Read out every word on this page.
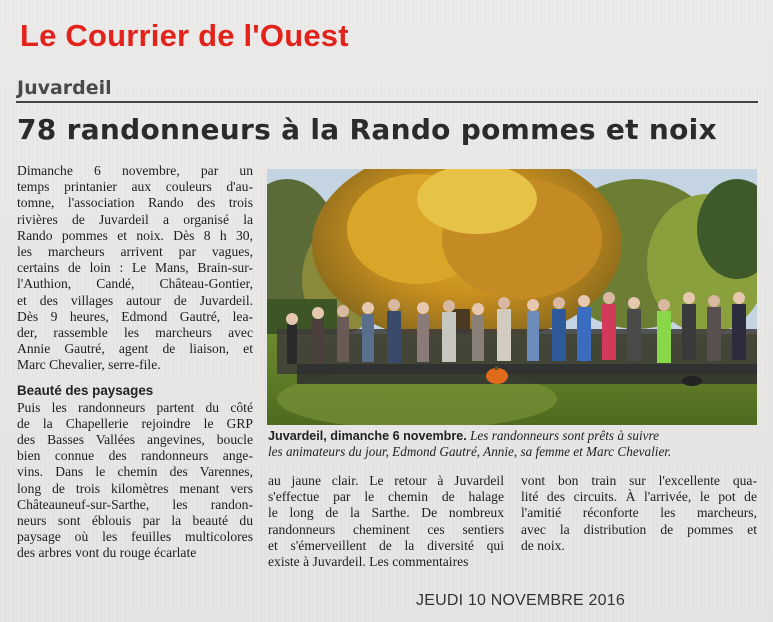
Le Courrier de l'Ouest
Juvardeil
78 randonneurs à la Rando pommes et noix
Dimanche 6 novembre, par un
temps printanier aux couleurs d'au-
tomne, l'association Rando des trois
rivières de Juvardeil a organisé la
Rando pommes et noix. Dès 8 h 30,
les marcheurs arrivent par vagues,
certains de loin : Le Mans, Brain-sur-
l'Authion, Candé, Château-Gontier,
et des villages autour de Juvardeil.
Dès 9 heures, Edmond Gautré, lea-
der, rassemble les marcheurs avec
Annie Gautré, agent de liaison, et
Marc Chevalier, serre-file.
Beauté des paysages
Puis les randonneurs partent du côté
de la Chapellerie rejoindre le GRP
des Basses Vallées angevines, boucle
bien connue des randonneurs ange-
vins. Dans le chemin des Varennes,
long de trois kilomètres menant vers
Châteauneuf-sur-Sarthe, les randon-
neurs sont éblouis par la beauté du
paysage où les feuilles multicolores
des arbres vont du rouge écarlate
Juvardeil, dimanche 6 novembre. Les randonneurs sont prêts à suivre
les animateurs du jour, Edmond Gautré, Annie, sa femme et Marc Chevalier.
au jaune clair. Le retour à Juvardeil
s'effectue par le chemin de halage
le long de la Sarthe. De nombreux
randonneurs cheminent ces sentiers
et s'émerveillent de la diversité qui
existe à Juvardeil. Les commentaires
vont bon train sur l'excellente qua-
lité des circuits. À l'arrivée, le pot de
l'amitié réconforte les marcheurs,
avec la distribution de pommes et
de noix.
JEUDI 10 NOVEMBRE 2016
